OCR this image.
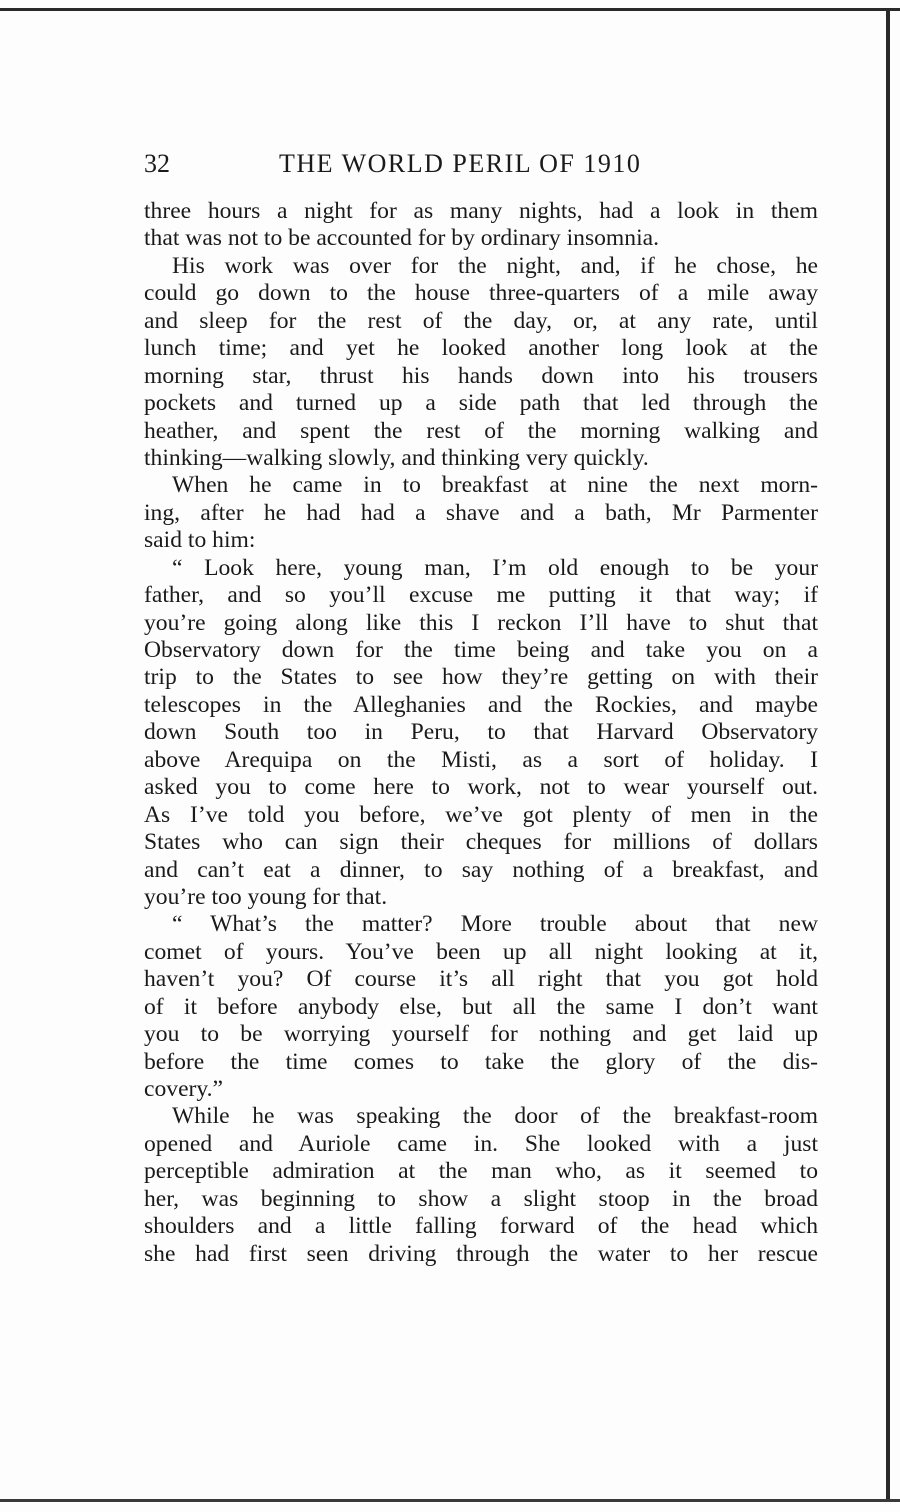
32	THE WORLD PERIL OF 1910
three hours a night for as many nights, had a look in them
that was not to be accounted for by ordinary insomnia.
His work was over for the night, and, if he chose, he
could go down to the house three-quarters of a mile away
and sleep for the rest of the day, or, at any rate, until
lunch time; and yet he looked another long look at the
morning star, thrust his hands down into his trousers
pockets and turned up a side path that led through the
heather, and spent the rest of the morning walking and
thinking—walking slowly, and thinking very quickly.
When he came in to breakfast at nine the next morn-
ing, after he had had a shave and a bath, Mr Parmenter
said to him:
“ Look here, young man, I’m old enough to be your
father, and so you’ll excuse me putting it that way; if
you’re going along like this I reckon I’ll have to shut that
Observatory down for the time being and take you on a
trip to the States to see how they’re getting on with their
telescopes in the Alleghanies and the Rockies, and maybe
down South too in Peru, to that Harvard Observatory
above Arequipa on the Misti, as a sort of holiday. I
asked you to come here to work, not to wear yourself out.
As I’ve told you before, we’ve got plenty of men in the
States who can sign their cheques for millions of dollars
and can’t eat a dinner, to say nothing of a breakfast, and
you’re too young for that.
“ What’s the matter? More trouble about that new
comet of yours. You’ve been up all night looking at it,
haven’t you? Of course it’s all right that you got hold
of it before anybody else, but all the same I don’t want
you to be worrying yourself for nothing and get laid up
before the time comes to take the glory of the dis-
covery.”
While he was speaking the door of the breakfast-room
opened and Auriole came in. She looked with a just
perceptible admiration at the man who, as it seemed to
her, was beginning to show a slight stoop in the broad
shoulders and a little falling forward of the head which
she had first seen driving through the water to her rescue
